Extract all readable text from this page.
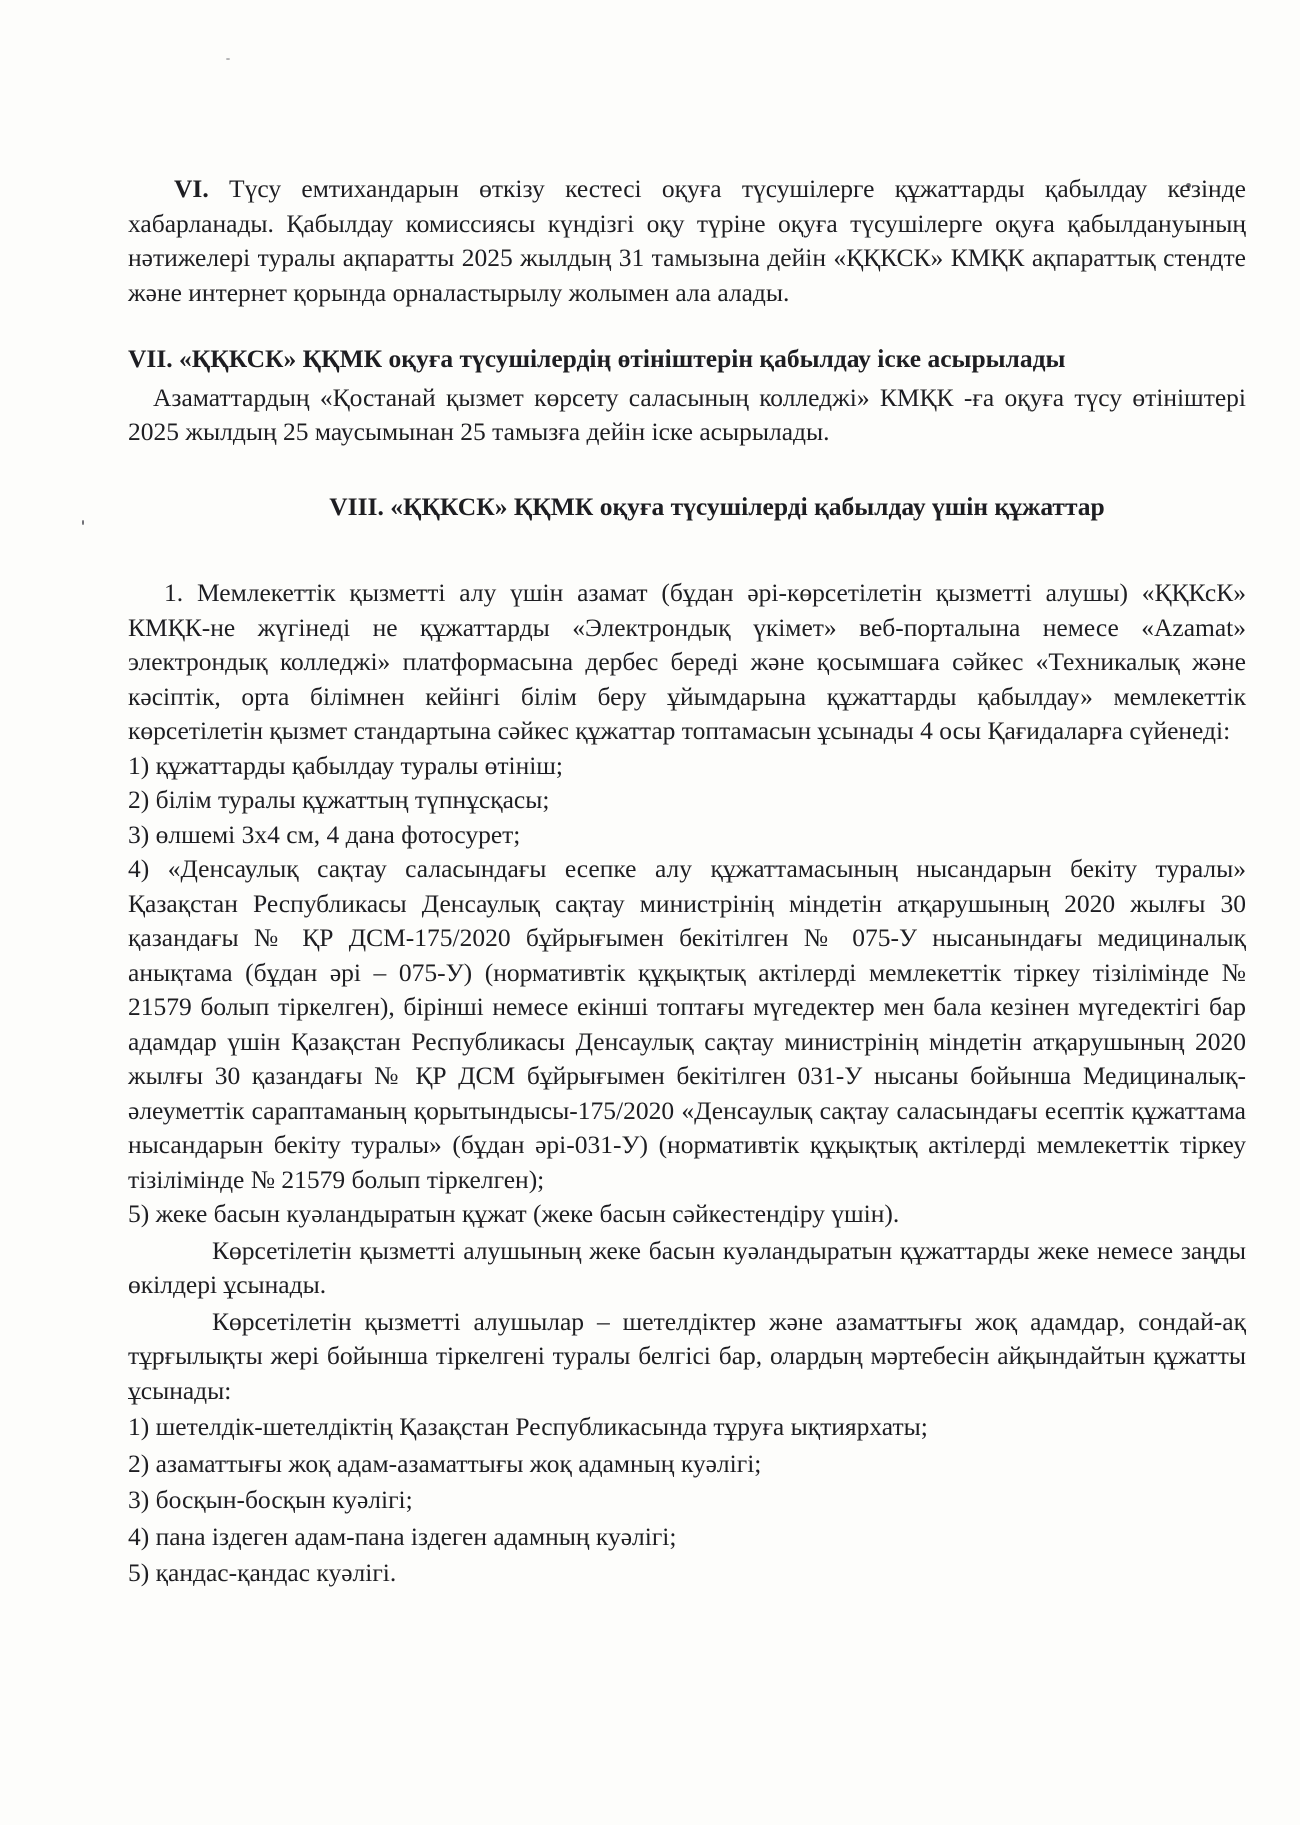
VI. Түсу емтихандарын өткізу кестесі оқуға түсушілерге құжаттарды қабылдау кезінде хабарланады. Қабылдау комиссиясы күндізгі оқу түріне оқуға түсушілерге оқуға қабылдануының нәтижелері туралы ақпаратты 2025 жылдың 31 тамызына дейін «ҚҚКСК» КМҚК ақпараттық стендте және интернет қорында орналастырылу жолымен ала алады.

VII. «ҚҚКСК» ҚҚМК оқуға түсушілердің өтініштерін қабылдау іске асырылады

Азаматтардың «Қостанай қызмет көрсету саласының колледжі» КМҚК -ға оқуға түсу өтініштері 2025 жылдың 25 маусымынан 25 тамызға дейін іске асырылады.

VIII. «ҚҚКСК» ҚҚМК оқуға түсушілерді қабылдау үшін құжаттар

1. Мемлекеттік қызметті алу үшін азамат (бұдан әрі-көрсетілетін қызметті алушы) «ҚҚКсК» КМҚК-не жүгінеді не құжаттарды «Электрондық үкімет» веб-порталына немесе «Azamat» электрондық колледжі» платформасына дербес береді және қосымшаға сәйкес «Техникалық және кәсіптік, орта білімнен кейінгі білім беру ұйымдарына құжаттарды қабылдау» мемлекеттік көрсетілетін қызмет стандартына сәйкес құжаттар топтамасын ұсынады 4 осы Қағидаларға сүйенеді:

1) құжаттарды қабылдау туралы өтініш;

2) білім туралы құжаттың түпнұсқасы;

3) өлшемі 3х4 см, 4 дана фотосурет;

4) «Денсаулық сақтау саласындағы есепке алу құжаттамасының нысандарын бекіту туралы» Қазақстан Республикасы Денсаулық сақтау министрінің міндетін атқарушының 2020 жылғы 30 қазандағы № ҚР ДСМ-175/2020 бұйрығымен бекітілген № 075-У нысанындағы медициналық анықтама (бұдан әрі – 075-У) (нормативтік құқықтық актілерді мемлекеттік тіркеу тізілімінде № 21579 болып тіркелген), бірінші немесе екінші топтағы мүгедектер мен бала кезінен мүгедектігі бар адамдар үшін Қазақстан Республикасы Денсаулық сақтау министрінің міндетін атқарушының 2020 жылғы 30 қазандағы № ҚР ДСМ бұйрығымен бекітілген 031-У нысаны бойынша Медициналық-әлеуметтік сараптаманың қорытындысы-175/2020 «Денсаулық сақтау саласындағы есептік құжаттама нысандарын бекіту туралы» (бұдан әрі-031-У) (нормативтік құқықтық актілерді мемлекеттік тіркеу тізілімінде № 21579 болып тіркелген);

5) жеке басын куәландыратын құжат (жеке басын сәйкестендіру үшін).

Көрсетілетін қызметті алушының жеке басын куәландыратын құжаттарды жеке немесе заңды өкілдері ұсынады.

Көрсетілетін қызметті алушылар – шетелдіктер және азаматтығы жоқ адамдар, сондай-ақ тұрғылықты жері бойынша тіркелгені туралы белгісі бар, олардың мәртебесін айқындайтын құжатты ұсынады:

1) шетелдік-шетелдіктің Қазақстан Республикасында тұруға ықтиярхаты;

2) азаматтығы жоқ адам-азаматтығы жоқ адамның куәлігі;

3) босқын-босқын куәлігі;

4) пана іздеген адам-пана іздеген адамның куәлігі;

5) қандас-қандас куәлігі.
